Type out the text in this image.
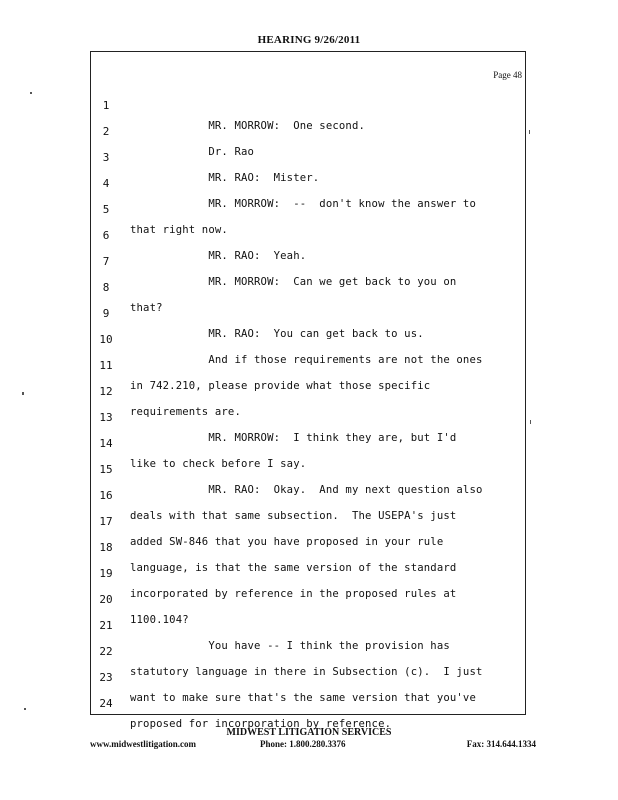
HEARING 9/26/2011
Page 48

1

MR. MORROW:  One second.

2

Dr. Rao

3

MR. RAO:  Mister.

4

MR. MORROW:  --  don't know the answer to

5

that right now.

6

MR. RAO:  Yeah.

7

MR. MORROW:  Can we get back to you on

8

that?

9

MR. RAO:  You can get back to us.

10

And if those requirements are not the ones

11

in 742.210, please provide what those specific

12

requirements are.

13

MR. MORROW:  I think they are, but I'd

14

like to check before I say.

15

MR. RAO:  Okay.  And my next question also

16

deals with that same subsection.  The USEPA's just

17

added SW-846 that you have proposed in your rule

18

language, is that the same version of the standard

19

incorporated by reference in the proposed rules at

20

1100.104?

21

You have -- I think the provision has

22

statutory language in there in Subsection (c).  I just

23

want to make sure that's the same version that you've

24

proposed for incorporation by reference.

MIDWEST LITIGATION SERVICES
www.midwestlitigation.com	Phone: 1.800.280.3376	Fax: 314.644.1334
